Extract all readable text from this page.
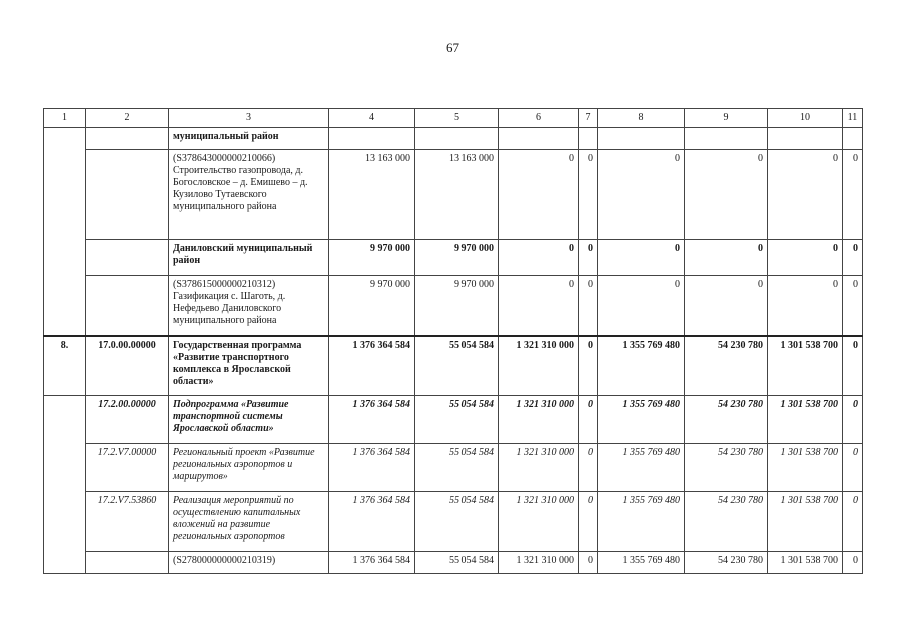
67
1	2	3	4	5	6	7	8	9	10	11
		муниципальный район								
		(S378643000000210066) Строительство газопровода, д. Богословское – д. Емишево – д. Кузилово Тутаевского муниципального района	13 163 000	13 163 000	0	0	0	0	0	0
		Даниловский муниципальный район	9 970 000	9 970 000	0	0	0	0	0	0
		(S378615000000210312) Газификация с. Шаготь, д. Нефедьево Даниловского муниципального района	9 970 000	9 970 000	0	0	0	0	0	0
8.	17.0.00.00000	Государственная программа «Развитие транспортного комплекса в Ярославской области»	1 376 364 584	55 054 584	1 321 310 000	0	1 355 769 480	54 230 780	1 301 538 700	0
	17.2.00.00000	Подпрограмма «Развитие транспортной системы Ярославской области»	1 376 364 584	55 054 584	1 321 310 000	0	1 355 769 480	54 230 780	1 301 538 700	0
	17.2.V7.00000	Региональный проект «Развитие региональных аэропортов и маршрутов»	1 376 364 584	55 054 584	1 321 310 000	0	1 355 769 480	54 230 780	1 301 538 700	0
	17.2.V7.53860	Реализация мероприятий по осуществлению капитальных вложений на развитие региональных аэропортов	1 376 364 584	55 054 584	1 321 310 000	0	1 355 769 480	54 230 780	1 301 538 700	0
		(S278000000000210319)	1 376 364 584	55 054 584	1 321 310 000	0	1 355 769 480	54 230 780	1 301 538 700	0
